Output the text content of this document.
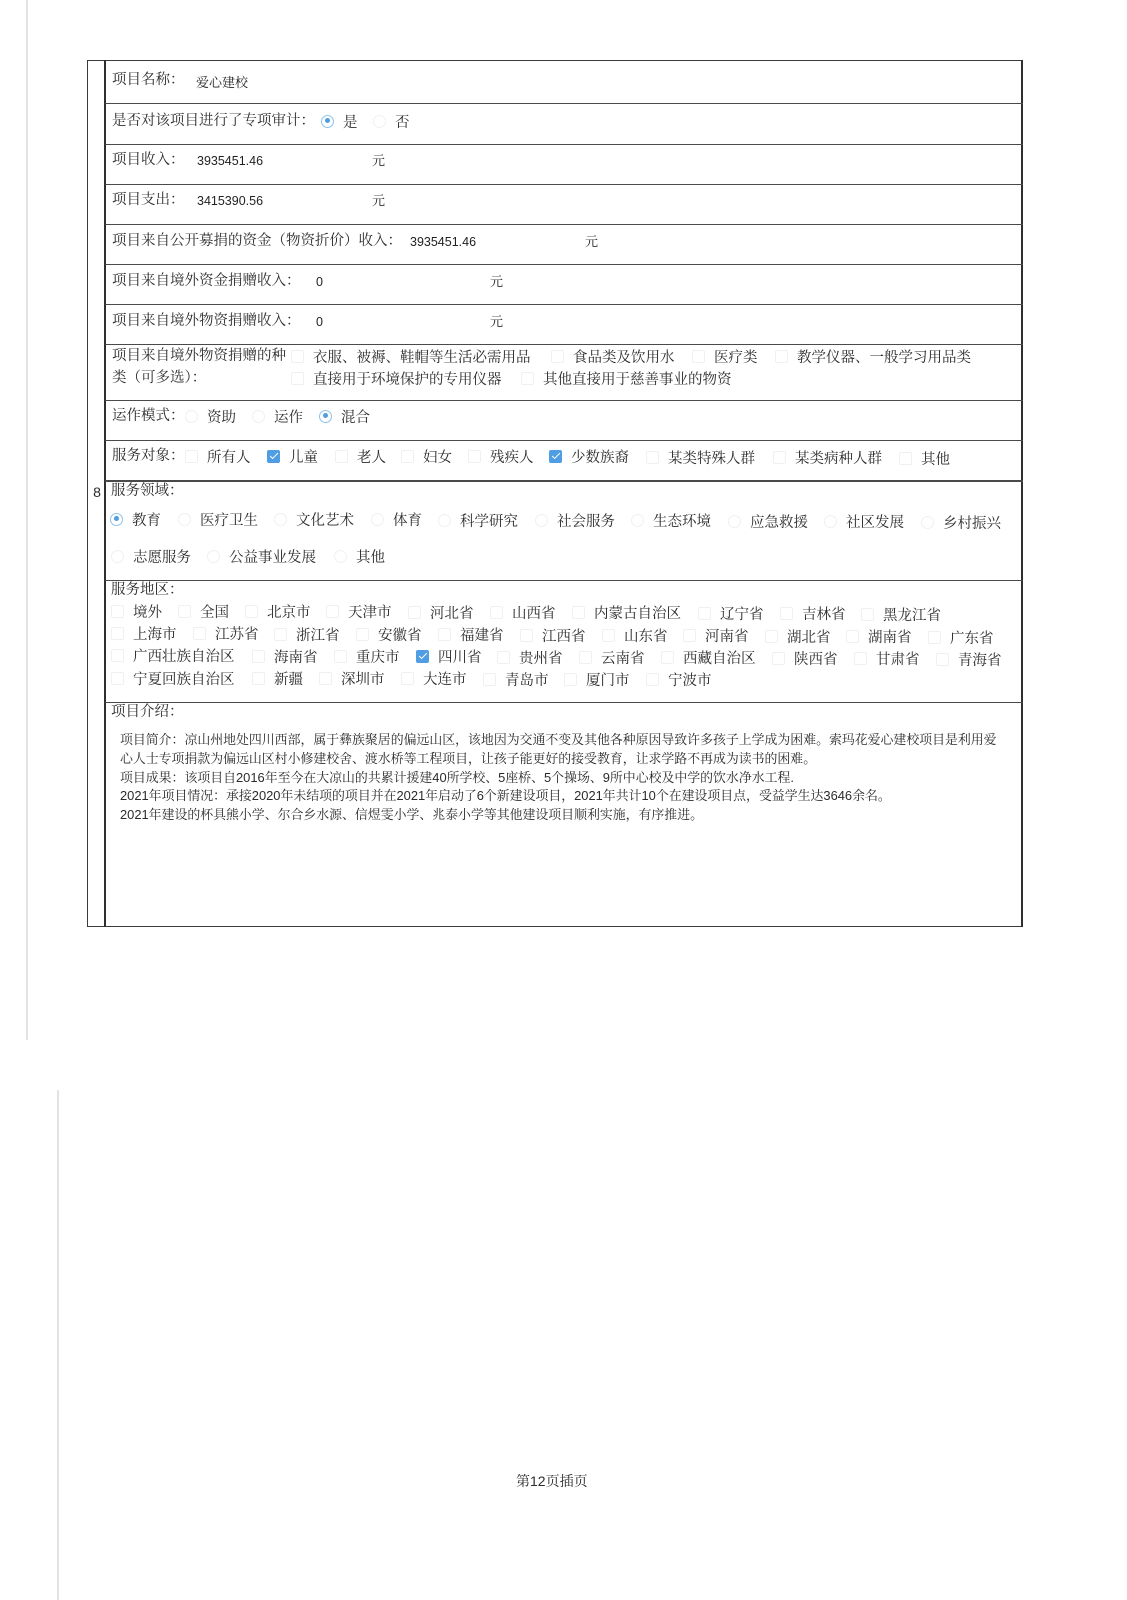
8
项目名称： 爱心建校
是否对该项目进行了专项审计： 是	否
项目收入： 3935451.46	元
项目支出： 3415390.56	元
项目来自公开募捐的资金（物资折价）收入： 3935451.46	元
项目来自境外资金捐赠收入： 0	元
项目来自境外物资捐赠收入： 0	元
项目来自境外物资捐赠的种类（可多选）：
衣服、被褥、鞋帽等生活必需用品	食品类及饮用水	医疗类	教学仪器、一般学习用品类
直接用于环境保护的专用仪器	其他直接用于慈善事业的物资
运作模式： 资助	运作	混合
服务对象： 所有人	儿童	老人	妇女	残疾人	少数族裔	某类特殊人群	某类病种人群	其他
服务领域：
教育	医疗卫生	文化艺术	体育	科学研究	社会服务	生态环境	应急救援	社区发展	乡村振兴
志愿服务	公益事业发展	其他
服务地区：
境外	全国	北京市	天津市	河北省	山西省	内蒙古自治区	辽宁省	吉林省	黑龙江省
上海市	江苏省	浙江省	安徽省	福建省	江西省	山东省	河南省	湖北省	湖南省	广东省
广西壮族自治区	海南省	重庆市	四川省	贵州省	云南省	西藏自治区	陕西省	甘肃省	青海省
宁夏回族自治区	新疆	深圳市	大连市	青岛市	厦门市	宁波市
项目介绍：
项目简介：凉山州地处四川西部，属于彝族聚居的偏远山区，该地因为交通不变及其他各种原因导致许多孩子上学成为困难。索玛花爱心建校项目是利用爱
心人士专项捐款为偏远山区村小修建校舍、渡水桥等工程项目，让孩子能更好的接受教育，让求学路不再成为读书的困难。
项目成果：该项目自2016年至今在大凉山的共累计援建40所学校、5座桥、5个操场、9所中心校及中学的饮水净水工程.
2021年项目情况：承接2020年未结项的项目并在2021年启动了6个新建设项目，2021年共计10个在建设项目点，受益学生达3646余名。
2021年建设的杯具熊小学、尔合乡水源、信煜雯小学、兆泰小学等其他建设项目顺利实施，有序推进。
第12页插页
